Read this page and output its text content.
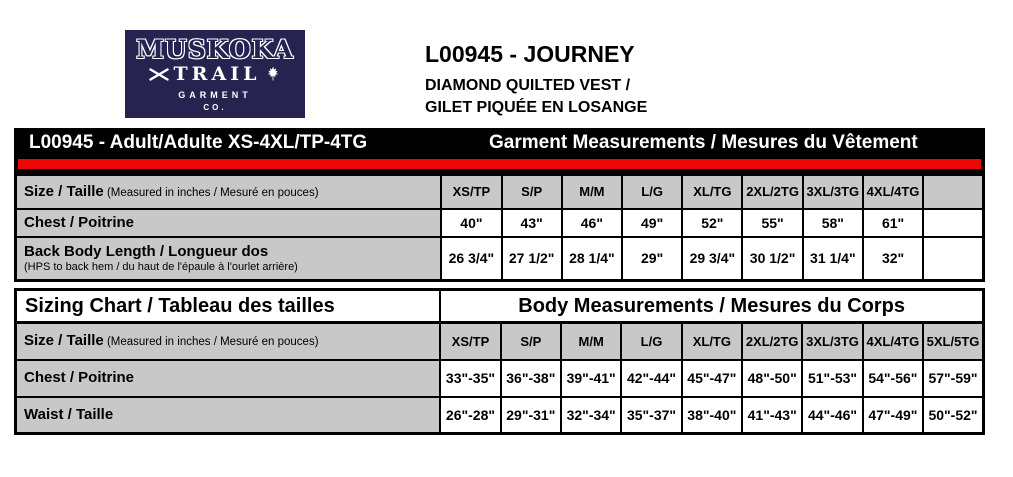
MUSKOKA
TRAIL
GARMENT
CO.
L00945 - JOURNEY
DIAMOND QUILTED VEST /
GILET PIQUÉE EN LOSANGE
L00945 - Adult/Adulte XS-4XL/TP-4TG	Garment Measurements / Mesures du Vêtement
Size / Taille (Measured in inches / Mesuré en pouces)	XS/TP	S/P	M/M	L/G	XL/TG	2XL/2TG	3XL/3TG	4XL/4TG	

Chest / Poitrine	40"	43"	46"	49"	52"	55"	58"	61"	

Back Body Length / Longueur dos
(HPS to back hem / du haut de l'épaule à l'ourlet arrière)	26 3/4"	27 1/2"	28 1/4"	29"	29 3/4"	30 1/2"	31 1/4"	32"	
Sizing Chart / Tableau des tailles	Body Measurements / Mesures du Corps								
Size / Taille (Measured in inches / Mesuré en pouces)	XS/TP	S/P	M/M	L/G	XL/TG	2XL/2TG	3XL/3TG	4XL/4TG	5XL/5TG

Chest / Poitrine	33"-35"	36"-38"	39"-41"	42"-44"	45"-47"	48"-50"	51"-53"	54"-56"	57"-59"

Waist / Taille	26"-28"	29"-31"	32"-34"	35"-37"	38"-40"	41"-43"	44"-46"	47"-49"	50"-52"
